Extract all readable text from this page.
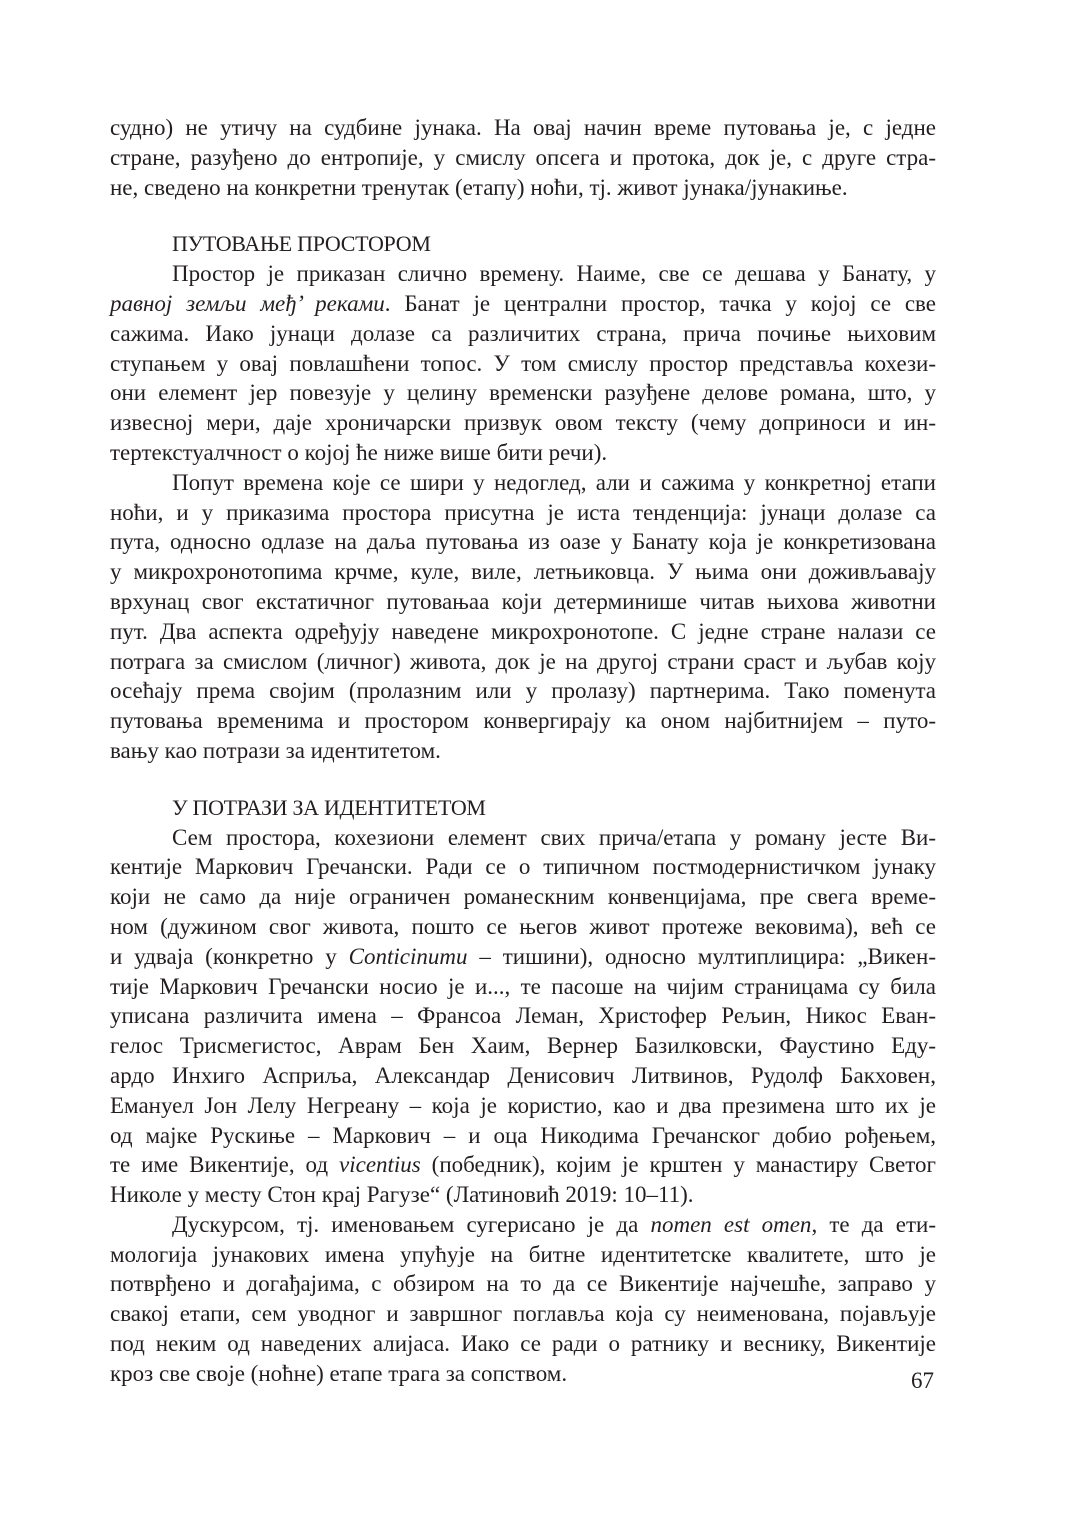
судно) не утичу на судбине јунака. На овај начин време путовања је, с једне
стране, разуђено до ентропије, у смислу опсега и протока, док је, с друге стра-
не, сведено на конкретни тренутак (етапу) ноћи, тј. живот јунака/јунакиње.
ПУТОВАЊЕ ПРОСТОРОМ
Простор је приказан слично времену. Наиме, све се дешава у Банату, у
равној земљи међ’ реками. Банат је централни простор, тачка у којој се све
сажима. Иако јунаци долазе са различитих страна, прича почиње њиховим
ступањем у овај повлашћени топос. У том смислу простор представља кохези-
они елемент јер повезује у целину временски разуђене делове романа, што, у
извесној мери, даје хроничарски призвук овом тексту (чему доприноси и ин-
тертекстуалчност о којој ће ниже више бити речи).
Попут времена које се шири у недоглед, али и сажима у конкретној етапи
ноћи, и у приказима простора присутна је иста тенденција: јунаци долазе са
пута, односно одлазе на даља путовања из оазе у Банату која је конкретизована
у микрохронотопима крчме, куле, виле, летњиковца. У њима они доживљавају
врхунац свог екстатичног путовањаа који детерминише читав њихова животни
пут. Два аспекта одређују наведене микрохронотопе. С једне стране налази се
потрага за смислом (личног) живота, док је на другој страни сраст и љубав коју
осећају према својим (пролазним или у пролазу) партнерима. Тако поменута
путовања временима и простором конвергирају ка оном најбитнијем – путо-
вању као потрази за идентитетом.
У ПОТРАЗИ ЗА ИДЕНТИТЕТОМ
Сем простора, кохезиони елемент свих прича/етапа у роману јесте Ви-
кентије Маркович Гречански. Ради се о типичном постмодернистичком јунаку
који не само да није ограничен романескним конвенцијама, пре свега време-
ном (дужином свог живота, пошто се његов живот протеже вековима), већ се
и удваја (конкретно у Conticinumu – тишини), односно мултиплицира: „Викен-
тије Маркович Гречански носио је и..., те пасоше на чијим страницама су била
уписана различита имена – Франсоа Леман, Христофер Рељин, Никос Еван-
гелос Трисмегистос, Аврам Бен Хаим, Вернер Базилковски, Фаустино Еду-
ардо Инхиго Асприља, Александар Денисович Литвинов, Рудолф Бакховен,
Емануел Јон Лелу Негреану – која је користио, као и два презимена што их је
од мајке Рускиње – Маркович – и оца Никодима Гречанског добио рођењем,
те име Викентије, од vicentius (победник), којим је крштен у манастиру Светог
Николе у месту Стон крај Рагузе“ (Латиновић 2019: 10–11).
Дускурсом, тј. именовањем сугерисано је да nomen est omen, те да ети-
мологија јунакових имена упућује на битне идентитетске квалитете, што је
потврђено и догађајима, с обзиром на то да се Викентије најчешће, заправо у
свакој етапи, сем уводног и завршног поглавља која су неименована, појављује
под неким од наведених алијаса. Иако се ради о ратнику и веснику, Викентије
кроз све своје (ноћне) етапе трага за сопством.	67
